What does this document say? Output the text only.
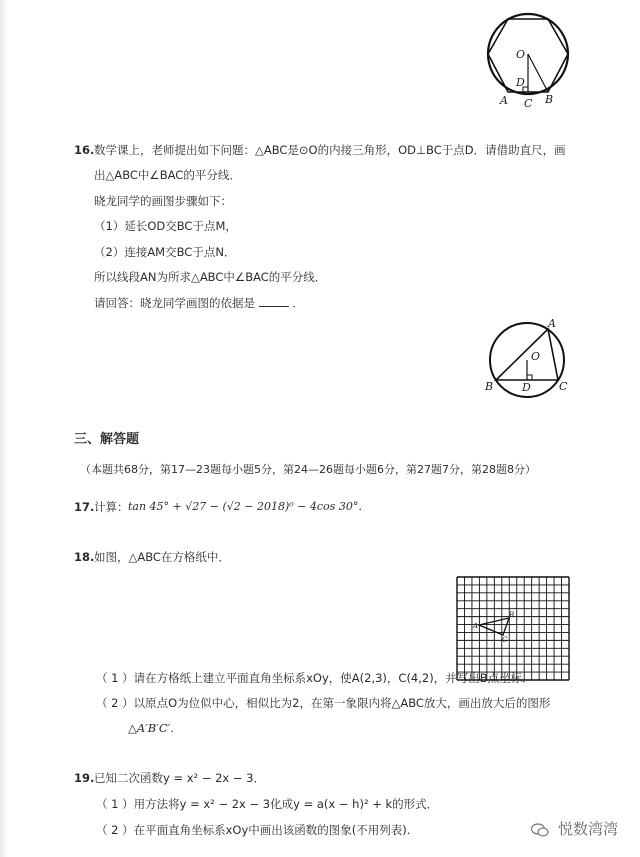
O
D
A C B
16. 数学课上，老师提出如下问题：△ABC是⊙O的内接三角形，OD⊥BC于点D．请借助直尺，画
出△ABC中∠BAC的平分线．
晓龙同学的画图步骤如下：
（1）延长OD交BC于点M，
（2）连接AM交BC于点N．
所以线段AN为所求△ABC中∠BAC的平分线．
请回答：晓龙同学画图的依据是	．
A
O
B	D	C
三、解答题
（本题共68分，第17—23题每小题5分，第24—26题每小题6分，第27题7分，第28题8分）
17. 计算： tan 45° + √27 − (√2 − 2018)⁰ − 4cos 30°．
18. 如图，△ABC在方格纸中．
A
B
C
（ 1 ）请在方格纸上建立平面直角坐标系xOy，使A(2,3)，C(4,2)，并写出B点坐标．
（ 2 ）以原点O为位似中心，相似比为2，在第一象限内将△ABC放大，画出放大后的图形
△A′B′C′．
19. 已知二次函数y = x² − 2x − 3．
（ 1 ）用方法将y = x² − 2x − 3化成y = a(x − h)² + k的形式．
（ 2 ）在平面直角坐标系xOy中画出该函数的图象(不用列表).	悦数湾湾
